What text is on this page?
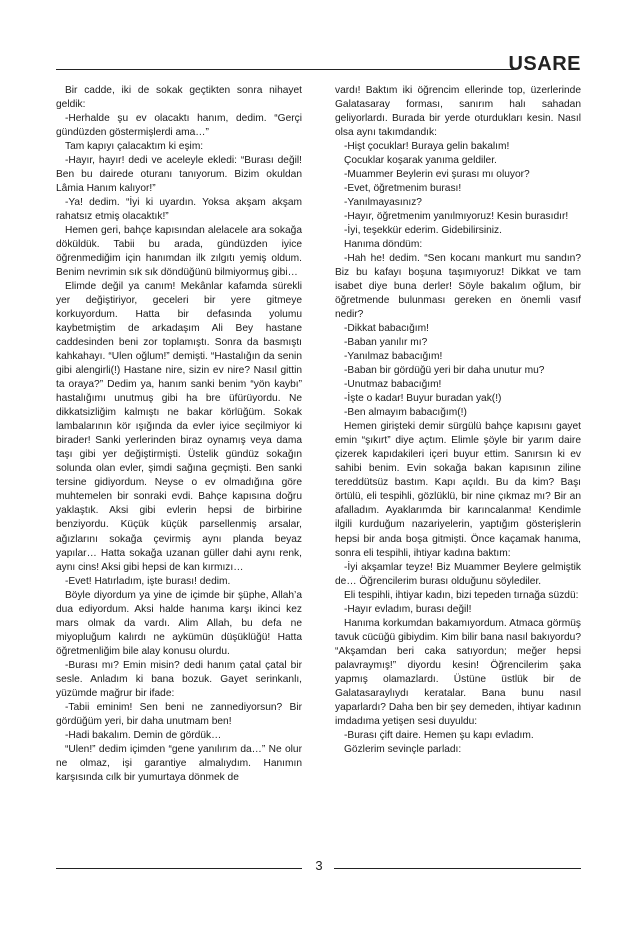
USARE

Bir cadde, iki de sokak geçtikten sonra nihayet geldik:

-Herhalde şu ev olacaktı hanım, dedim. “Gerçi gündüzden göstermişlerdi ama…”

Tam kapıyı çalacaktım ki eşim:

-Hayır, hayır! dedi ve aceleyle ekledi: “Burası değil! Ben bu dairede oturanı tanıyorum. Bizim okuldan Lâmia Hanım kalıyor!”

-Ya! dedim. “İyi ki uyardın. Yoksa akşam akşam rahatsız etmiş olacaktık!”

Hemen geri, bahçe kapısından alelacele ara sokağa döküldük. Tabii bu arada, gündüzden iyice öğrenmediğim için hanımdan ilk zılgıtı yemiş oldum. Benim nevrimin sık sık döndüğünü bilmiyormuş gibi…

Elimde değil ya canım! Mekânlar kafamda sürekli yer değiştiriyor, geceleri bir yere gitmeye korkuyordum. Hatta bir defasında yolumu kaybetmiştim de arkadaşım Ali Bey hastane caddesinden beni zor toplamıştı. Sonra da basmıştı kahkahayı. “Ulen oğlum!” demişti. “Hastalığın da senin gibi alengirli(!) Hastane nire, sizin ev nire? Nasıl gittin ta oraya?” Dedim ya, hanım sanki benim “yön kaybı” hastalığımı unutmuş gibi ha bre üfürüyordu. Ne dikkatsizliğim kalmıştı ne bakar körlüğüm. Sokak lambalarının kör ışığında da evler iyice seçilmiyor ki birader! Sanki yerlerinden biraz oynamış veya dama taşı gibi yer değiştirmişti. Üstelik gündüz sokağın solunda olan evler, şimdi sağına geçmişti. Ben sanki tersine gidiyordum. Neyse o ev olmadığına göre muhtemelen bir sonraki evdi. Bahçe kapısına doğru yaklaştık. Aksi gibi evlerin hepsi de birbirine benziyordu. Küçük küçük parsellenmiş arsalar, ağızlarını sokağa çevirmiş aynı planda beyaz yapılar… Hatta sokağa uzanan güller dahi aynı renk, aynı cins! Aksi gibi hepsi de kan kırmızı…

-Evet! Hatırladım, işte burası! dedim.

Böyle diyordum ya yine de içimde bir şüphe, Allah’a dua ediyordum. Aksi halde hanıma karşı ikinci kez mars olmak da vardı. Alim Allah, bu defa ne miyopluğum kalırdı ne aykümün düşüklüğü! Hatta öğretmenliğim bile alay konusu olurdu.

-Burası mı? Emin misin? dedi hanım çatal çatal bir sesle. Anladım ki bana bozuk. Gayet serinkanlı, yüzümde mağrur bir ifade:

-Tabii eminim! Sen beni ne zannediyorsun? Bir gördüğüm yeri, bir daha unutmam ben!

-Hadi bakalım. Demin de gördük…

“Ulen!” dedim içimden “gene yanılırım da…” Ne olur ne olmaz, işi garantiye almalıydım. Hanımın karşısında cılk bir yumurtaya dönmek de

vardı! Baktım iki öğrencim ellerinde top, üzerlerinde Galatasaray forması, sanırım halı sahadan geliyorlardı. Burada bir yerde oturdukları kesin. Nasıl olsa aynı takımdandık:

-Hişt çocuklar! Buraya gelin bakalım!

Çocuklar koşarak yanıma geldiler.

-Muammer Beylerin evi şurası mı oluyor?

-Evet, öğretmenim burası!

-Yanılmayasınız?

-Hayır, öğretmenim yanılmıyoruz! Kesin burasıdır!

-İyi, teşekkür ederim. Gidebilirsiniz.

Hanıma döndüm:

-Hah he! dedim. “Sen kocanı mankurt mu sandın? Biz bu kafayı boşuna taşımıyoruz! Dikkat ve tam isabet diye buna derler! Söyle bakalım oğlum, bir öğretmende bulunması gereken en önemli vasıf nedir?

-Dikkat babacığım!

-Baban yanılır mı?

-Yanılmaz babacığım!

-Baban bir gördüğü yeri bir daha unutur mu?

-Unutmaz babacığım!

-İşte o kadar! Buyur buradan yak(!)

-Ben almayım babacığım(!)

Hemen girişteki demir sürgülü bahçe kapısını gayet emin “şıkırt” diye açtım. Elimle şöyle bir yarım daire çizerek kapıdakileri içeri buyur ettim. Sanırsın ki ev sahibi benim. Evin sokağa bakan kapısının ziline tereddütsüz bastım. Kapı açıldı. Bu da kim? Başı örtülü, eli tespihli, gözlüklü, bir nine çıkmaz mı? Bir an afalladım. Ayaklarımda bir karıncalanma! Kendimle ilgili kurduğum nazariyelerin, yaptığım gösterişlerin hepsi bir anda boşa gitmişti. Önce kaçamak hanıma, sonra eli tespihli, ihtiyar kadına baktım:

-İyi akşamlar teyze! Biz Muammer Beylere gelmiştik de… Öğrencilerim burası olduğunu söylediler.

Eli tespihli, ihtiyar kadın, bizi tepeden tırnağa süzdü:

-Hayır evladım, burası değil!

Hanıma korkumdan bakamıyordum. Atmaca görmüş tavuk cücüğü gibiydim. Kim bilir bana nasıl bakıyordu? “Akşamdan beri caka satıyordun; meğer hepsi palavraymış!” diyordu kesin! Öğrencilerim şaka yapmış olamazlardı. Üstüne üstlük bir de Galatasaraylıydı keratalar. Bana bunu nasıl yaparlardı? Daha ben bir şey demeden, ihtiyar kadının imdadıma yetişen sesi duyuldu:

-Burası çift daire. Hemen şu kapı evladım.

Gözlerim sevinçle parladı:

3
